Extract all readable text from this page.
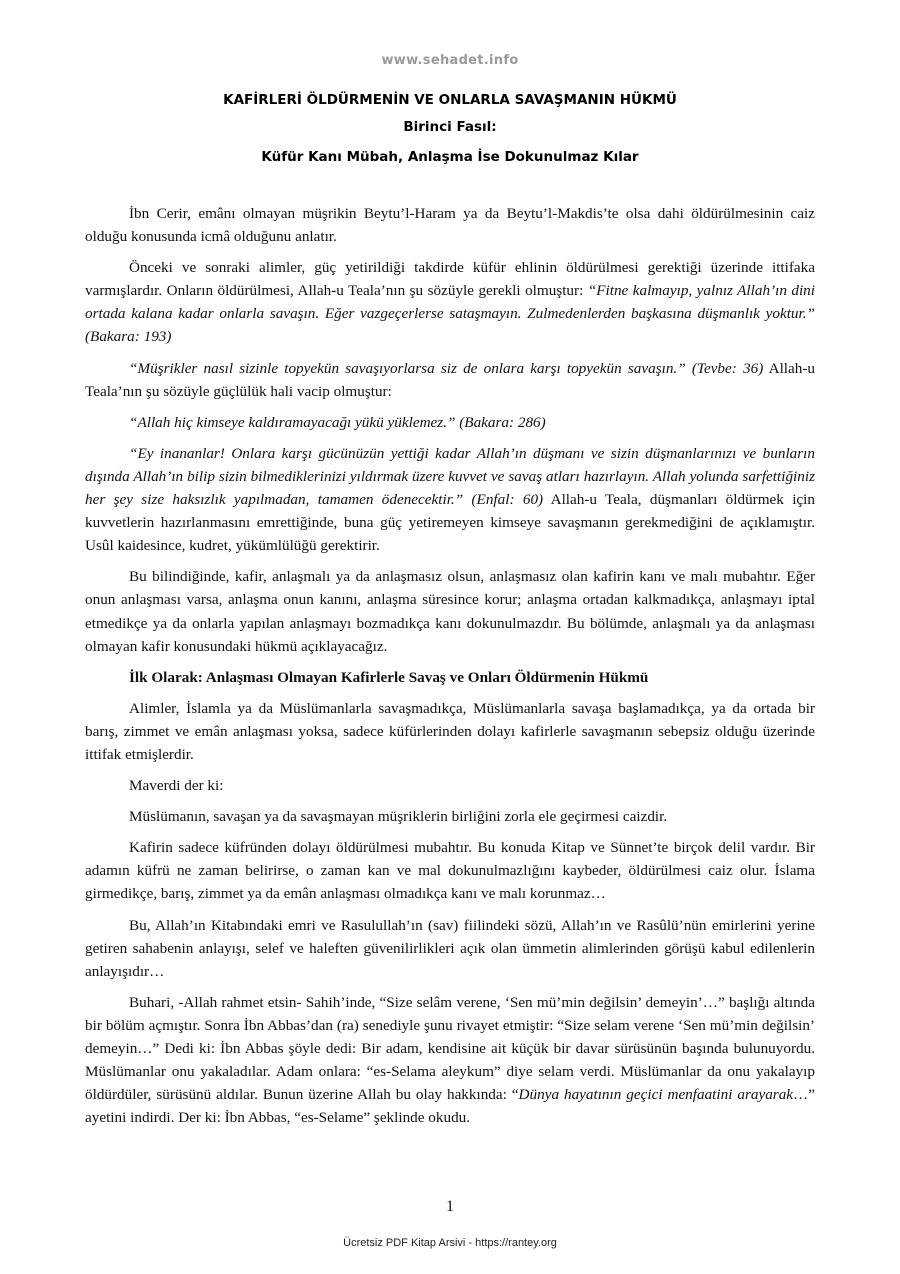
www.sehadet.info
KAFİRLERİ ÖLDÜRMENİN VE ONLARLA SAVAŞMANIN HÜKMÜ
Birinci Fasıl:
Küfür Kanı Mübah, Anlaşma İse Dokunulmaz Kılar

İbn Cerir, emânı olmayan müşrikin Beytu’l-Haram ya da Beytu’l-Makdis’te olsa dahi öldürülmesinin caiz olduğu konusunda icmâ olduğunu anlatır.

Önceki ve sonraki alimler, güç yetirildiği takdirde küfür ehlinin öldürülmesi gerektiği üzerinde ittifaka varmışlardır. Onların öldürülmesi, Allah-u Teala’nın şu sözüyle gerekli olmuştur: “Fitne kalmayıp, yalnız Allah’ın dini ortada kalana kadar onlarla savaşın. Eğer vazgeçerlerse sataşmayın. Zulmedenlerden başkasına düşmanlık yoktur.” (Bakara: 193)

“Müşrikler nasıl sizinle topyekün savaşıyorlarsa siz de onlara karşı topyekün savaşın.” (Tevbe: 36) Allah-u Teala’nın şu sözüyle güçlülük hali vacip olmuştur:

“Allah hiç kimseye kaldıramayacağı yükü yüklemez.” (Bakara: 286)

“Ey inananlar! Onlara karşı gücünüzün yettiği kadar Allah’ın düşmanı ve sizin düşmanlarınızı ve bunların dışında Allah’ın bilip sizin bilmediklerinizi yıldırmak üzere kuvvet ve savaş atları hazırlayın. Allah yolunda sarfettiğiniz her şey size haksızlık yapılmadan, tamamen ödenecektir.” (Enfal: 60) Allah-u Teala, düşmanları öldürmek için kuvvetlerin hazırlanmasını emrettiğinde, buna güç yetiremeyen kimseye savaşmanın gerekmediğini de açıklamıştır. Usûl kaidesince, kudret, yükümlülüğü gerektirir.

Bu bilindiğinde, kafir, anlaşmalı ya da anlaşmasız olsun, anlaşmasız olan kafirin kanı ve malı mubahtır. Eğer onun anlaşması varsa, anlaşma onun kanını, anlaşma süresince korur; anlaşma ortadan kalkmadıkça, anlaşmayı iptal etmedikçe ya da onlarla yapılan anlaşmayı bozmadıkça kanı dokunulmazdır. Bu bölümde, anlaşmalı ya da anlaşması olmayan kafir konusundaki hükmü açıklayacağız.

İlk Olarak: Anlaşması Olmayan Kafirlerle Savaş ve Onları Öldürmenin Hükmü

Alimler, İslamla ya da Müslümanlarla savaşmadıkça, Müslümanlarla savaşa başlamadıkça, ya da ortada bir barış, zimmet ve emân anlaşması yoksa, sadece küfürlerinden dolayı kafirlerle savaşmanın sebepsiz olduğu üzerinde ittifak etmişlerdir.

Maverdi der ki:

Müslümanın, savaşan ya da savaşmayan müşriklerin birliğini zorla ele geçirmesi caizdir.

Kafirin sadece küfründen dolayı öldürülmesi mubahtır. Bu konuda Kitap ve Sünnet’te birçok delil vardır. Bir adamın küfrü ne zaman belirirse, o zaman kan ve mal dokunulmazlığını kaybeder, öldürülmesi caiz olur. İslama girmedikçe, barış, zimmet ya da emân anlaşması olmadıkça kanı ve malı korunmaz…

Bu, Allah’ın Kitabındaki emri ve Rasulullah’ın (sav) fiilindeki sözü, Allah’ın ve Rasûlü’nün emirlerini yerine getiren sahabenin anlayışı, selef ve haleften güvenilirlikleri açık olan ümmetin alimlerinden görüşü kabul edilenlerin anlayışıdır…

Buhari, -Allah rahmet etsin- Sahih’inde, “Size selâm verene, ‘Sen mü’min değilsin’ demeyin’…” başlığı altında bir bölüm açmıştır. Sonra İbn Abbas’dan (ra) senediyle şunu rivayet etmiştir: “Size selam verene ‘Sen mü’min değilsin’ demeyin…” Dedi ki: İbn Abbas şöyle dedi: Bir adam, kendisine ait küçük bir davar sürüsünün başında bulunuyordu. Müslümanlar onu yakaladılar. Adam onlara: “es-Selama aleykum” diye selam verdi. Müslümanlar da onu yakalayıp öldürdüler, sürüsünü aldılar. Bunun üzerine Allah bu olay hakkında: “Dünya hayatının geçici menfaatini arayarak…” ayetini indirdi. Der ki: İbn Abbas, “es-Selame” şeklinde okudu.

1
Ücretsiz PDF Kitap Arsivi - https://rantey.org
